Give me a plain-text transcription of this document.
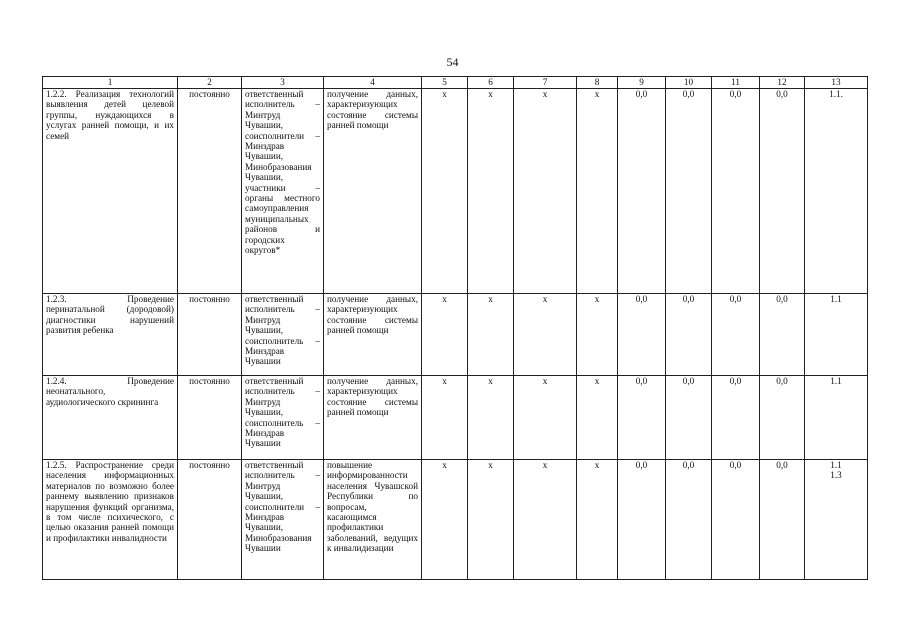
54
1	2	3	4	5	6	7	8	9	10	11	12	13
1.2.2. Реализация технологий выявления детей целевой группы, нуждающихся в услугах ранней помощи, и их семей	постоянно	ответственный исполнитель – Минтруд Чувашии, соисполнители – Минздрав Чувашии, Минобразования Чувашии, участники – органы местного самоуправления муниципальных районов и городских округов*	получение данных, характеризующих состояние системы ранней помощи	x	x	x	x	0,0	0,0	0,0	0,0	1.1.

1.2.3. Проведение перинатальной (дородовой) диагностики нарушений развития ребенка	постоянно	ответственный исполнитель – Минтруд Чувашии, соисполнитель – Минздрав Чувашии	получение данных, характеризующих состояние системы ранней помощи	x	x	x	x	0,0	0,0	0,0	0,0	1.1

1.2.4. Проведение неонатального, аудиологического скрининга	постоянно	ответственный исполнитель – Минтруд Чувашии, соисполнитель – Минздрав Чувашии	получение данных, характеризующих состояние системы ранней помощи	x	x	x	x	0,0	0,0	0,0	0,0	1.1

1.2.5. Распространение среди населения информационных материалов по возможно более раннему выявлению признаков нарушения функций организма, в том числе психического, с целью оказания ранней помощи и профилактики инвалидности	постоянно	ответственный исполнитель – Минтруд Чувашии, соисполнители – Минздрав Чувашии, Минобразования Чувашии	повышение информированности населения Чувашской Республики по вопросам, касающимся профилактики заболеваний, ведущих к инвалидизации	x	x	x	x	0,0	0,0	0,0	0,0	1.1
1.3
